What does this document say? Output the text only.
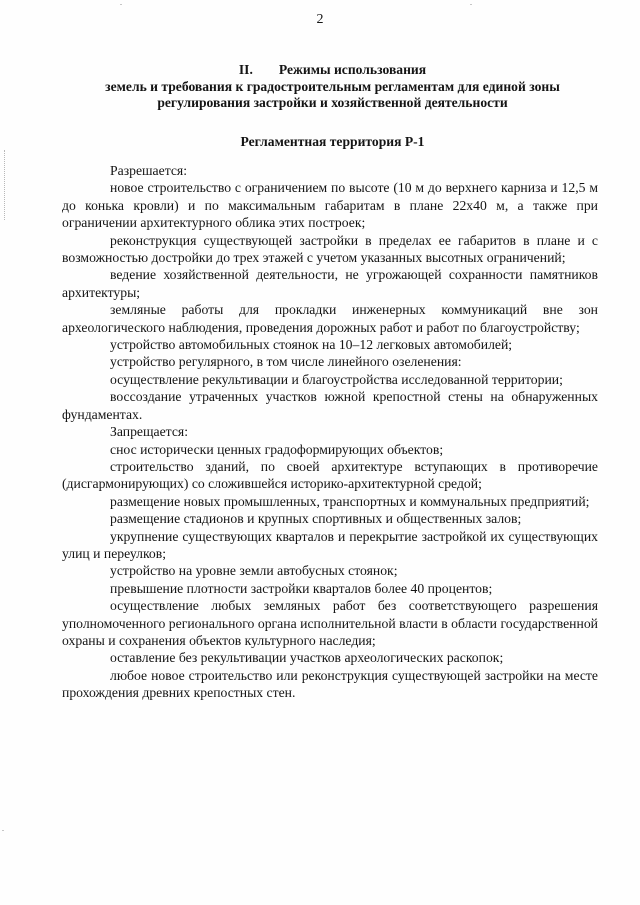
2
II. Режимы использования
земель и требования к градостроительным регламентам для единой зоны
регулирования застройки и хозяйственной деятельности
Регламентная территория Р-1

Разрешается:

новое строительство с ограничением по высоте (10 м до верхнего карниза и 12,5 м до конька кровли) и по максимальным габаритам в плане 22х40 м, а также при ограничении архитектурного облика этих построек;

реконструкция существующей застройки в пределах ее габаритов в плане и с возможностью достройки до трех этажей с учетом указанных высотных ограничений;

ведение хозяйственной деятельности, не угрожающей сохранности памятников архитектуры;

земляные работы для прокладки инженерных коммуникаций вне зон археологического наблюдения, проведения дорожных работ и работ по благоустройству;

устройство автомобильных стоянок на 10–12 легковых автомобилей;

устройство регулярного, в том числе линейного озеленения:

осуществление рекультивации и благоустройства исследованной территории;

воссоздание утраченных участков южной крепостной стены на обнаруженных фундаментах.

Запрещается:

снос исторически ценных градоформирующих объектов;

строительство зданий, по своей архитектуре вступающих в противоречие (дисгармонирующих) со сложившейся историко-архитектурной средой;

размещение новых промышленных, транспортных и коммунальных предприятий;

размещение стадионов и крупных спортивных и общественных залов;

укрупнение существующих кварталов и перекрытие застройкой их существующих улиц и переулков;

устройство на уровне земли автобусных стоянок;

превышение плотности застройки кварталов более 40 процентов;

осуществление любых земляных работ без соответствующего разрешения уполномоченного регионального органа исполнительной власти в области государственной охраны и сохранения объектов культурного наследия;

оставление без рекультивации участков археологических раскопок;

любое новое строительство или реконструкция существующей застройки на месте прохождения древних крепостных стен.
